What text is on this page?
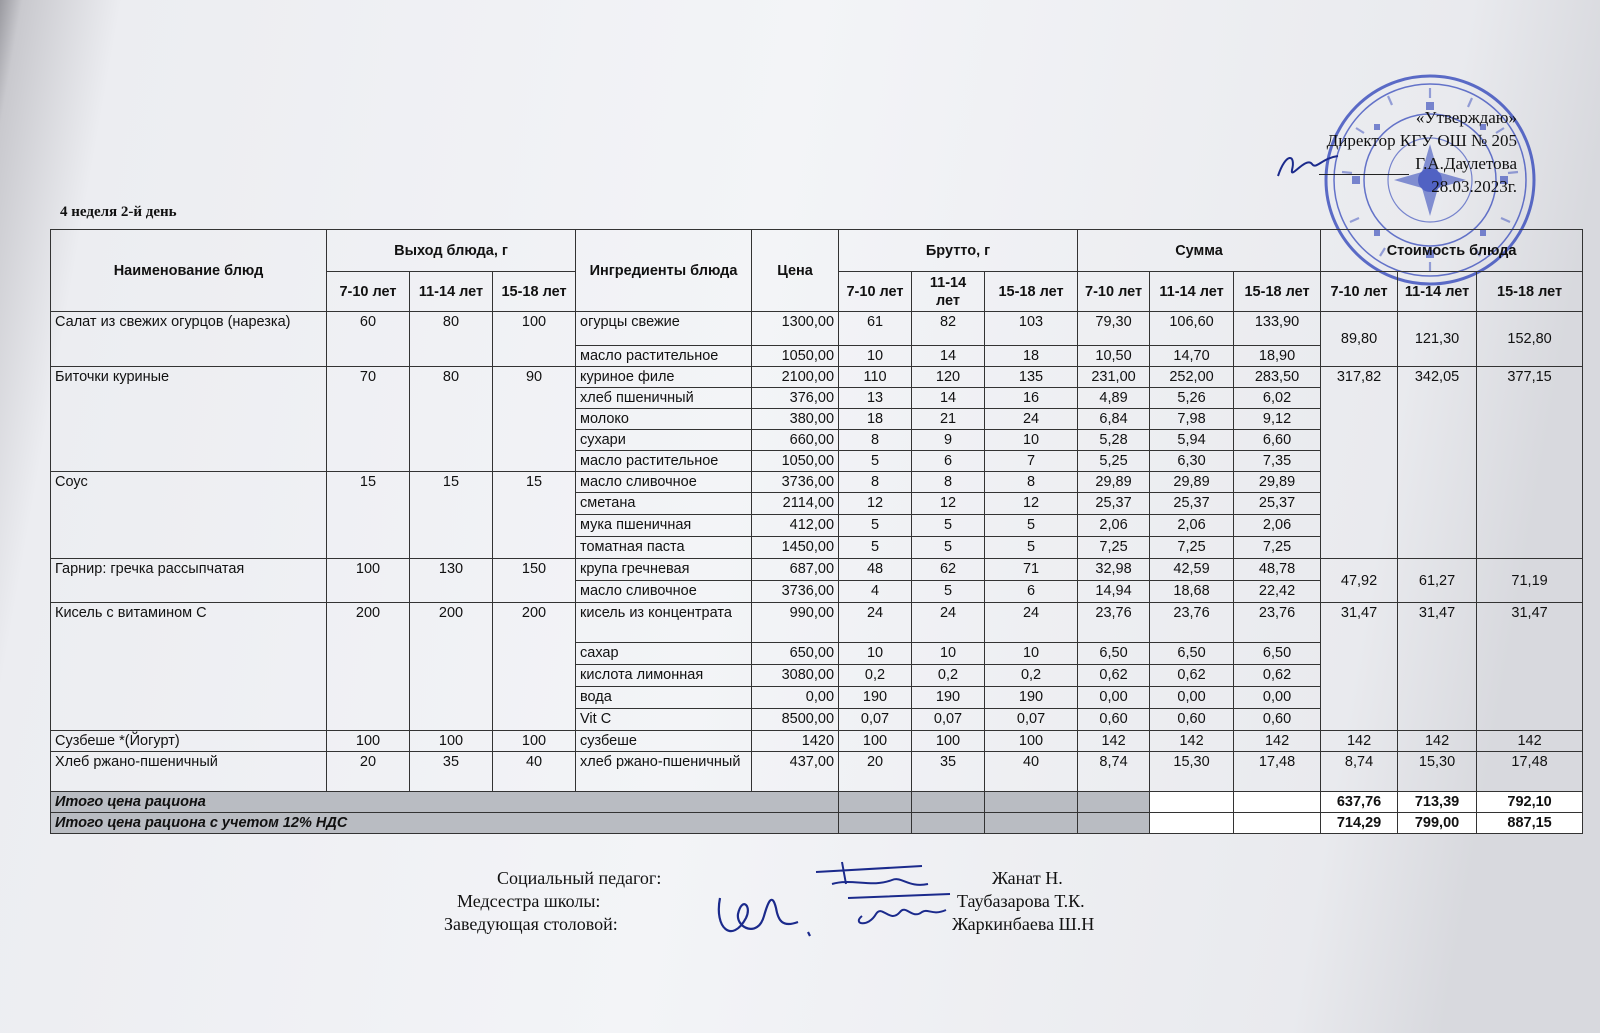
«Утверждаю»
Директор КГУ ОШ № 205
Г.А.Даулетова
28.03.2023г.
4 неделя 2-й день
Наименование блюд	Выход блюда, г			Ингредиенты блюда	Цена	Брутто, г			Сумма			Стоимость блюда		
	7-10 лет	11-14 лет	15-18 лет			7-10 лет	11-14 лет	15-18 лет	7-10 лет	11-14 лет	15-18 лет	7-10 лет	11-14 лет	15-18 лет
Салат из свежих огурцов (нарезка)	60	80	100	огурцы свежие	1300,00	61	82	103	79,30	106,60	133,90	89,80	121,30	152,80
				масло растительное	1050,00	10	14	18	10,50	14,70	18,90			
Биточки куриные	70	80	90	куриное филе	2100,00	110	120	135	231,00	252,00	283,50	317,82	342,05	377,15
				хлеб пшеничный	376,00	13	14	16	4,89	5,26	6,02			
				молоко	380,00	18	21	24	6,84	7,98	9,12			
				сухари	660,00	8	9	10	5,28	5,94	6,60			
				масло растительное	1050,00	5	6	7	5,25	6,30	7,35			
Соус	15	15	15	масло сливочное	3736,00	8	8	8	29,89	29,89	29,89			
				сметана	2114,00	12	12	12	25,37	25,37	25,37			
				мука пшеничная	412,00	5	5	5	2,06	2,06	2,06			
				томатная паста	1450,00	5	5	5	7,25	7,25	7,25			
Гарнир: гречка рассыпчатая	100	130	150	крупа гречневая	687,00	48	62	71	32,98	42,59	48,78	47,92	61,27	71,19
				масло сливочное	3736,00	4	5	6	14,94	18,68	22,42			
Кисель с витамином С	200	200	200	кисель из концентрата	990,00	24	24	24	23,76	23,76	23,76	31,47	31,47	31,47
				сахар	650,00	10	10	10	6,50	6,50	6,50			
				кислота лимонная	3080,00	0,2	0,2	0,2	0,62	0,62	0,62			
				вода	0,00	190	190	190	0,00	0,00	0,00			
				Vit C	8500,00	0,07	0,07	0,07	0,60	0,60	0,60			
Сузбеше *(Йогурт)	100	100	100	сузбеше	1420	100	100	100	142	142	142	142	142	142
Хлеб ржано-пшеничный	20	35	40	хлеб ржано-пшеничный	437,00	20	35	40	8,74	15,30	17,48	8,74	15,30	17,48
Итого цена рациона												637,76	713,39	792,10
Итого цена рациона с учетом 12% НДС												714,29	799,00	887,15
Социальный педагог:	Жанат Н.
Медсестра школы:	Таубазарова Т.К.
Заведующая столовой:	Жаркинбаева Ш.Н
